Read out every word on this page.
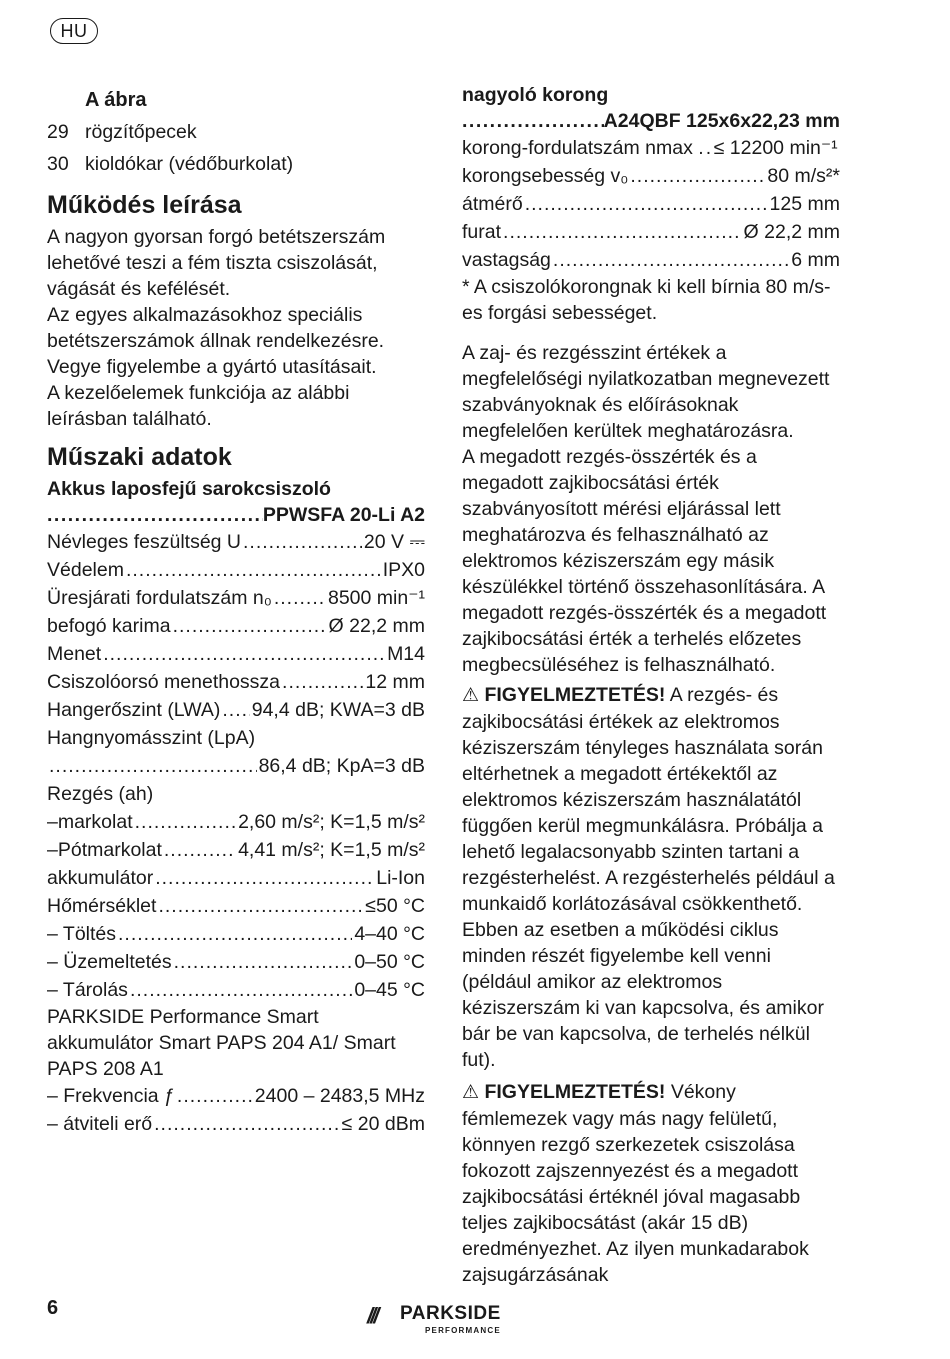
HU
A ábra
29 rögzítőpecek
30 kioldókar (védőburkolat)
Működés leírása

A nagyon gyorsan forgó betétszerszám lehetővé teszi a fém tiszta csiszolását, vágását és kefélését.

Az egyes alkalmazásokhoz speciális betétszerszámok állnak rendelkezésre. Vegye figyelembe a gyártó utasításait.

A kezelőelemek funkciója az alábbi leírásban található.

Műszaki adatok
Akkus laposfejű sarokcsiszoló
.....
PPWSFA 20-Li A2
Névleges feszültség U .....	20 V ⎓
Védelem .....	IPX0
Üresjárati fordulatszám n₀ .....	8500 min⁻¹
befogó karima .....	Ø 22,2 mm
Menet .....	M14
Csiszolóorsó menethossza .....	12 mm
Hangerőszint (LWA) ..... 94,4 dB; KWA=3 dB
Hangnyomásszint (LpA)
.....
86,4 dB; KpA=3 dB
Rezgés (ah)
–markolat .....	2,60 m/s²; K=1,5 m/s²
–Pótmarkolat .....	4,41 m/s²; K=1,5 m/s²
akkumulátor .....	Li-Ion
Hőmérséklet .....	≤50 °C
– Töltés .....	4–40 °C
– Üzemeltetés .....	0–50 °C
– Tárolás .....	0–45 °C

PARKSIDE Performance Smart akkumulátor Smart PAPS 204 A1/ Smart PAPS 208 A1

– Frekvencia ƒ .....	2400 – 2483,5 MHz
– átviteli erő .....	≤ 20 dBm
nagyoló korong
.....
A24QBF 125x6x22,23 mm
korong-fordulatszám nmax . ..... ≤ 12200 min⁻¹
korongsebesség v₀ .....	80 m/s²*
átmérő .....	125 mm
furat .....	Ø 22,2 mm
vastagság .....	6 mm

* A csiszolókorongnak ki kell bírnia 80 m/s-es forgási sebességet.

A zaj- és rezgésszint értékek a megfelelőségi nyilatkozatban megnevezett szabványoknak és előírásoknak megfelelően kerültek meghatározásra.

A megadott rezgés-összérték és a megadott zajkibocsátási érték szabványosított mérési eljárással lett meghatározva és felhasználható az elektromos kéziszerszám egy másik készülékkel történő összehasonlítására. A megadott rezgés-összérték és a megadott zajkibocsátási érték a terhelés előzetes megbecsüléséhez is felhasználható.

⚠ FIGYELMEZTETÉS! A rezgés- és zajkibocsátási értékek az elektromos kéziszerszám tényleges használata során eltérhetnek a megadott értékektől az elektromos kéziszerszám használatától függően kerül megmunkálásra. Próbálja a lehető legalacsonyabb szinten tartani a rezgésterhelést. A rezgésterhelés például a munkaidő korlátozásával csökkenthető. Ebben az esetben a működési ciklus minden részét figyelembe kell venni (például amikor az elektromos kéziszerszám ki van kapcsolva, és amikor bár be van kapcsolva, de terhelés nélkül fut).

⚠ FIGYELMEZTETÉS! Vékony fémlemezek vagy más nagy felületű, könnyen rezgő szerkezetek csiszolása fokozott zajszennyezést és a megadott zajkibocsátási értéknél jóval magasabb teljes zajkibocsátást (akár 15 dB) eredményezhet. Az ilyen munkadarabok zajsugárzásának

6	/// PARKSIDE
PERFORMANCE
